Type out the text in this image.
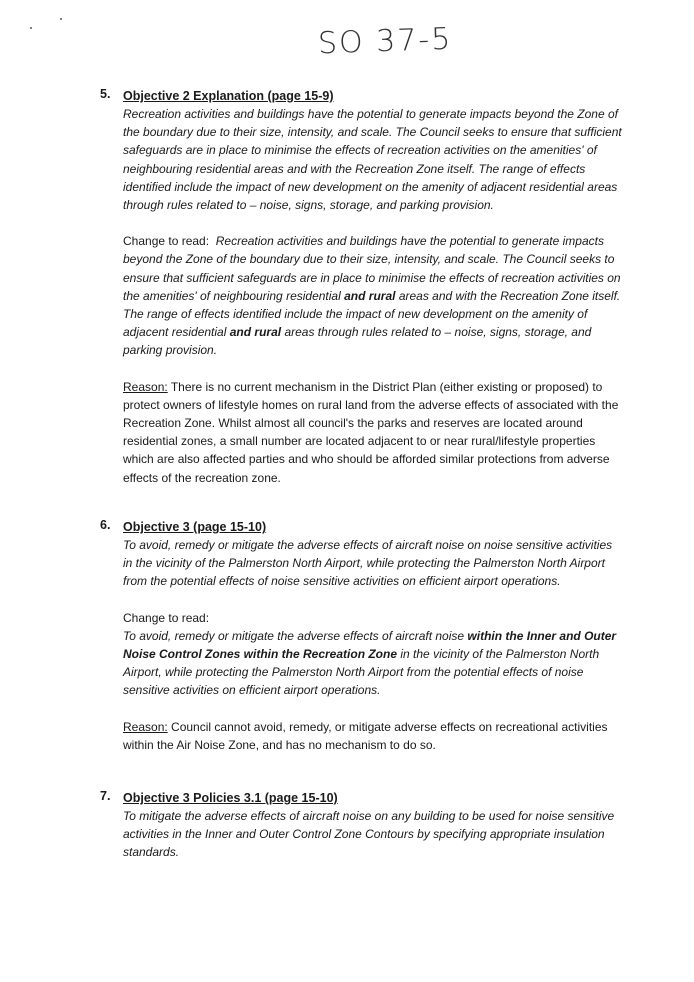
SO 37-5
5.	Objective 2 Explanation (page 15-9)

Recreation activities and buildings have the potential to generate impacts beyond the Zone of the boundary due to their size, intensity, and scale. The Council seeks to ensure that sufficient safeguards are in place to minimise the effects of recreation activities on the amenities' of neighbouring residential areas and with the Recreation Zone itself. The range of effects identified include the impact of new development on the amenity of adjacent residential areas through rules related to – noise, signs, storage, and parking provision.

Change to read: Recreation activities and buildings have the potential to generate impacts beyond the Zone of the boundary due to their size, intensity, and scale. The Council seeks to ensure that sufficient safeguards are in place to minimise the effects of recreation activities on the amenities' of neighbouring residential and rural areas and with the Recreation Zone itself. The range of effects identified include the impact of new development on the amenity of adjacent residential and rural areas through rules related to – noise, signs, storage, and parking provision.

Reason: There is no current mechanism in the District Plan (either existing or proposed) to protect owners of lifestyle homes on rural land from the adverse effects of associated with the Recreation Zone. Whilst almost all council's the parks and reserves are located around residential zones, a small number are located adjacent to or near rural/lifestyle properties which are also affected parties and who should be afforded similar protections from adverse effects of the recreation zone.

6.	Objective 3 (page 15-10)

To avoid, remedy or mitigate the adverse effects of aircraft noise on noise sensitive activities in the vicinity of the Palmerston North Airport, while protecting the Palmerston North Airport from the potential effects of noise sensitive activities on efficient airport operations.

Change to read:

To avoid, remedy or mitigate the adverse effects of aircraft noise within the Inner and Outer Noise Control Zones within the Recreation Zone in the vicinity of the Palmerston North Airport, while protecting the Palmerston North Airport from the potential effects of noise sensitive activities on efficient airport operations.

Reason: Council cannot avoid, remedy, or mitigate adverse effects on recreational activities within the Air Noise Zone, and has no mechanism to do so.

7.	Objective 3 Policies 3.1 (page 15-10)

To mitigate the adverse effects of aircraft noise on any building to be used for noise sensitive activities in the Inner and Outer Control Zone Contours by specifying appropriate insulation standards.
